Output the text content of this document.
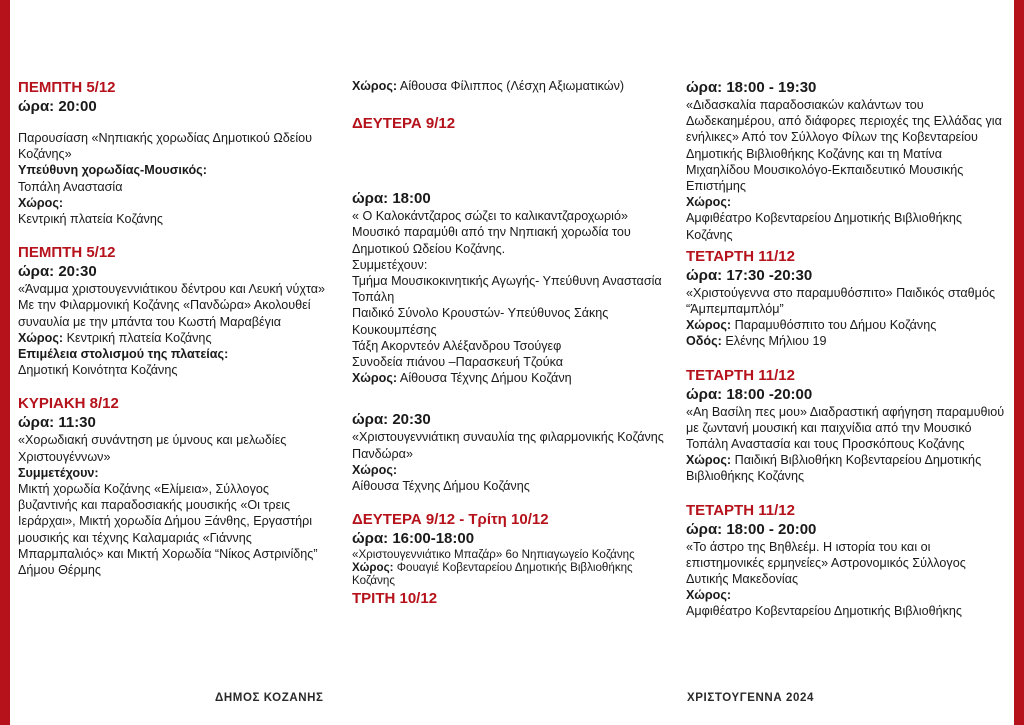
ΠΕΜΠΤΗ 5/12
ώρα: 20:00

Παρουσίαση «Νηπιακής χορωδίας Δημοτικού Ωδείου Κοζάνης»

Υπεύθυνη χορωδίας-Μουσικός:
Τοπάλη Αναστασία
Χώρος:
Κεντρική πλατεία Κοζάνης
ΠΕΜΠΤΗ 5/12
ώρα: 20:30

«Άναμμα χριστουγεννιάτικου δέντρου και Λευκή νύχτα» Με την Φιλαρμονική Κοζάνης «Πανδώρα» Ακολουθεί συναυλία με την μπάντα του Κωστή Μαραβέγια

Χώρος: Κεντρική πλατεία Κοζάνης
Επιμέλεια στολισμού της πλατείας:
Δημοτική Κοινότητα Κοζάνης
ΚΥΡΙΑΚΗ 8/12
ώρα: 11:30

«Χορωδιακή συνάντηση με ύμνους και μελωδίες Χριστουγέννων»

Συμμετέχουν:

Μικτή χορωδία Κοζάνης «Ελίμεια», Σύλλογος βυζαντινής και παραδοσιακής μουσικής «Οι τρεις Ιεράρχαι», Μικτή χορωδία Δήμου Ξάνθης, Εργαστήρι μουσικής και τέχνης Καλαμαριάς «Γιάννης Μπαρμπαλιός» και Μικτή Χορωδία “Νίκος Αστρινίδης” Δήμου Θέρμης

Χώρος: Αίθουσα Φίλιππος (Λέσχη Αξιωματικών)
ΔΕΥΤΕΡΑ 9/12
ώρα: 18:00

« Ο Καλοκάντζαρος σώζει το καλικαντζαροχωριό» Μουσικό παραμύθι από την Νηπιακή χορωδία του Δημοτικού Ωδείου Κοζάνης.

Συμμετέχουν:
Τμήμα Μουσικοκινητικής Αγωγής- Υπεύθυνη Αναστασία Τοπάλη
Παιδικό Σύνολο Κρουστών- Υπεύθυνος Σάκης Κουκουμπέσης
Τάξη Ακορντεόν Αλέξανδρου Τσούγεφ
Συνοδεία πιάνου –Παρασκευή Τζούκα
Χώρος: Αίθουσα Τέχνης Δήμου Κοζάνη
ώρα: 20:30

«Χριστουγεννιάτικη συναυλία της φιλαρμονικής Κοζάνης Πανδώρα»

Χώρος:
Αίθουσα Τέχνης Δήμου Κοζάνης
ΔΕΥΤΕΡΑ 9/12 - Τρίτη 10/12
ώρα: 16:00-18:00
«Χριστουγεννιάτικο Μπαζάρ» 6ο Νηπιαγωγείο Κοζάνης
Χώρος: Φουαγιέ Κοβενταρείου Δημοτικής Βιβλιοθήκης Κοζάνης
ΤΡΙΤΗ 10/12
ώρα: 18:00 - 19:30

«Διδασκαλία παραδοσιακών καλάντων του Δωδεκαημέρου, από διάφορες περιοχές της Ελλάδας για ενήλικες» Από τον Σύλλογο Φίλων της Κοβενταρείου Δημοτικής Βιβλιοθήκης Κοζάνης και τη Ματίνα Μιχαηλίδου Μουσικολόγο-Εκπαιδευτικό Μουσικής Επιστήμης

Χώρος:
Αμφιθέατρο Κοβενταρείου Δημοτικής Βιβλιοθήκης Κοζάνης
ΤΕΤΑΡΤΗ 11/12
ώρα: 17:30 -20:30

«Χριστούγεννα στο παραμυθόσπιτο» Παιδικός σταθμός “Άμπεμπαμπλόμ”

Χώρος: Παραμυθόσπιτο του Δήμου Κοζάνης
Οδός: Ελένης Μήλιου 19
ΤΕΤΑΡΤΗ 11/12
ώρα: 18:00 -20:00

«Αη Βασίλη πες μου» Διαδραστική αφήγηση παραμυθιού με ζωντανή μουσική και παιχνίδια από την Μουσικό Τοπάλη Αναστασία και τους Προσκόπους Κοζάνης

Χώρος: Παιδική Βιβλιοθήκη Κοβενταρείου Δημοτικής Βιβλιοθήκης Κοζάνης
ΤΕΤΑΡΤΗ 11/12
ώρα: 18:00 - 20:00

«Το άστρο της Βηθλεέμ. Η ιστορία του και οι επιστημονικές ερμηνείες» Αστρονομικός Σύλλογος Δυτικής Μακεδονίας

Χώρος:
Αμφιθέατρο Κοβενταρείου Δημοτικής Βιβλιοθήκης
ΔΗΜΟΣ ΚΟΖΑΝΗΣ	ΧΡΙΣΤΟΥΓΕΝΝΑ 2024
